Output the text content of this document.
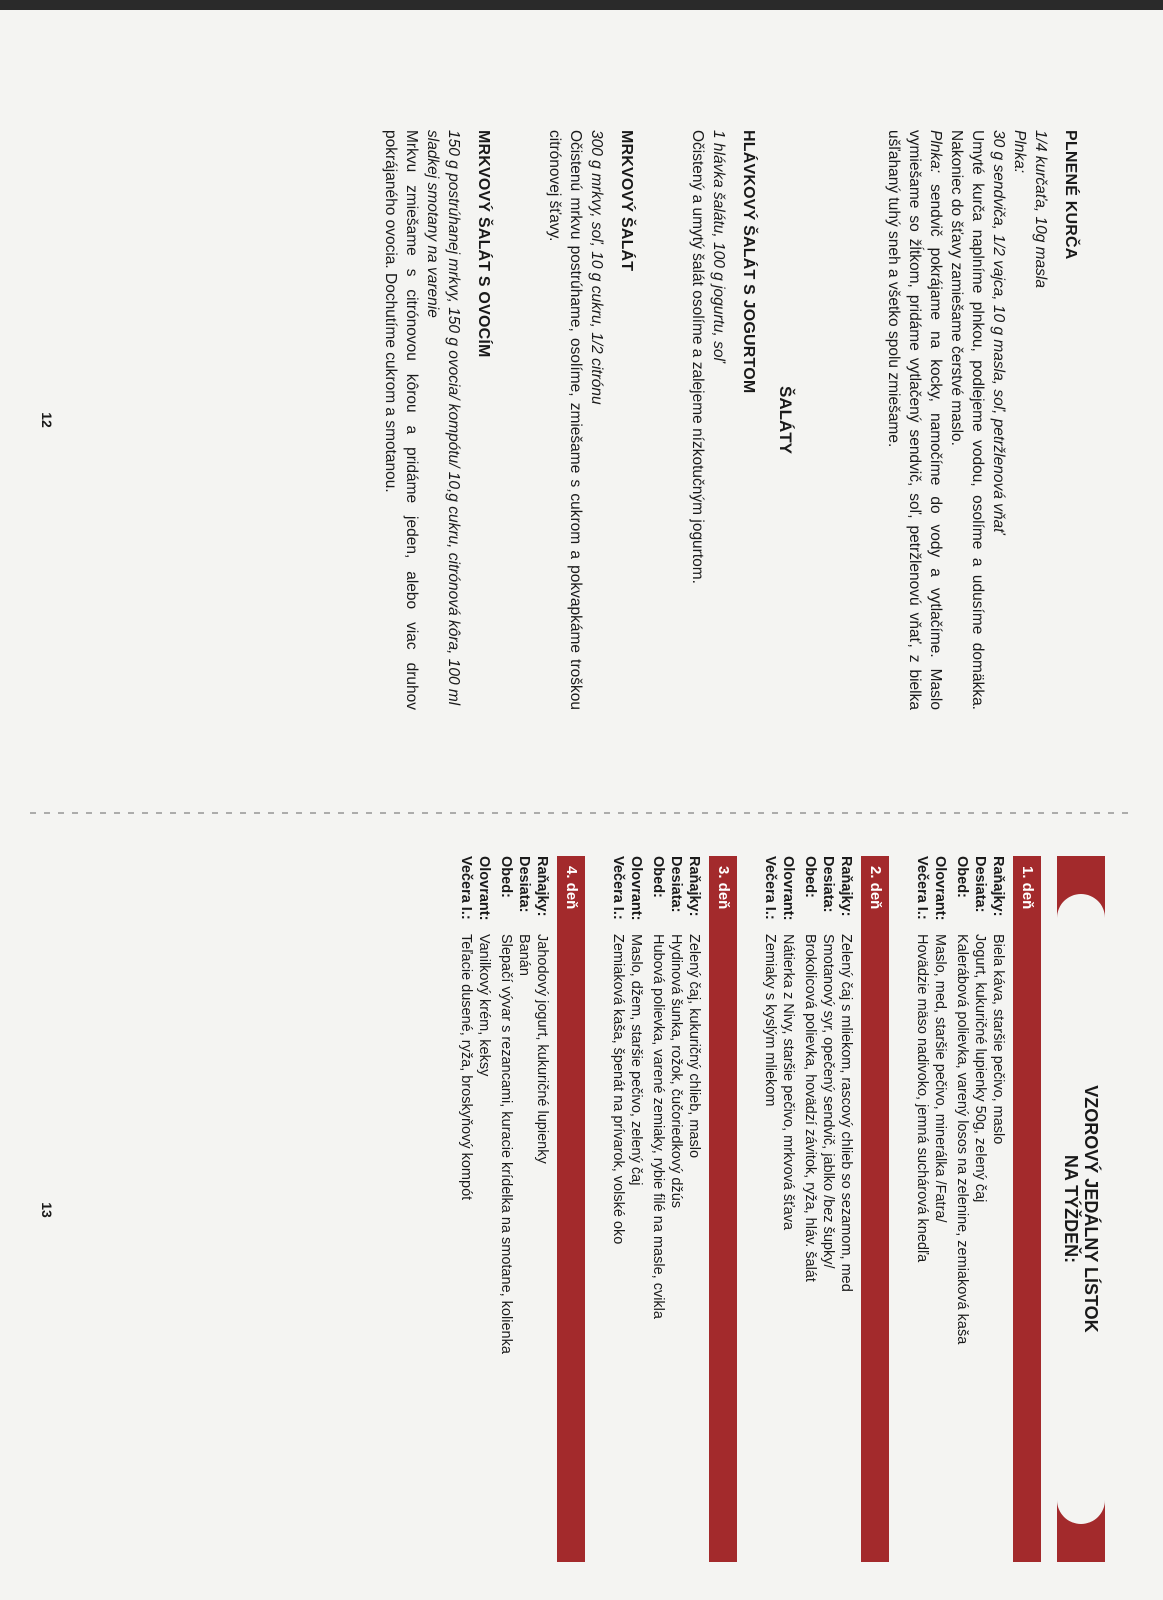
PLNENÉ KURČA
1/4 kurčaťa, 10g masla
Plnka:
30 g sendviča, 1/2 vajca, 10 g masla, soľ, petržlenová vňať
Umyté kurča naplníme plnkou, podlejeme vodou, osolíme a udusíme domäkka. Nakoniec do šťavy zamiešame čerstvé maslo.
Plnka: sendvič pokrájame na kocky, namočíme do vody a vytlačíme. Maslo vymiešame so žĺtkom, pridáme vytlačený sendvič, soľ, petržlenovú vňať, z bielka ušľahaný tuhý sneh a všetko spolu zmiešame.
ŠALÁTY
HLÁVKOVÝ ŠALÁT S JOGURTOM
1 hlávka šalátu, 100 g jogurtu, soľ
Očistený a umytý šalát osolíme a zalejeme nízkotučným jogurtom.
MRKVOVÝ ŠALÁT
300 g mrkvy, soľ, 10 g cukru, 1/2 citrónu
Očistenú mrkvu postrúhame, osolíme, zmiešame s cukrom a pokvapkáme troškou citrónovej šťavy.
MRKVOVÝ ŠALÁT S OVOCÍM
150 g postrúhanej mrkvy, 150 g ovocia/ kompótu/ 10,g cukru, citrónová kôra, 100 ml sladkej smotany na varenie
Mrkvu zmiešame s citrónovou kôrou a pridáme jeden, alebo viac druhov pokrájaného ovocia. Dochutíme cukrom a smotanou.
12
VZOROVÝ JEDÁLNY LÍSTOK
NA TÝŽDEŇ:
1. deň
Raňajky:
Biela káva, staršie pečivo, maslo
Desiata:
Jogurt, kukuričné lupienky 50g, zelený čaj
Obed:
Kalerábová polievka, varený losos na zelenine, zemiaková kaša
Olovrant:
Maslo, med, staršie pečivo, minerálka /Fatra/
Večera I.:
Hovädzie mäso nadivoko, jemná suchárová knedľa
2. deň
Raňajky:
Zelený čaj s mliekom, rascový chlieb so sezamom, med
Desiata:
Smotanový syr, opečený sendvič, jablko /bez šupky/
Obed:
Brokolicová polievka, hovädzí závitok, ryža, hláv. šalát
Olovrant:
Nátierka z Nivy, staršie pečivo, mrkvová šťava
Večera I.:
Zemiaky s kyslým mliekom
3. deň
Raňajky:
Zelený čaj, kukuričný chlieb, maslo
Desiata:
Hydinová šunka, rožok, čučoriedkový džús
Obed:
Hubová polievka, varené zemiaky, rybie filé na masle, cvikla
Olovrant:
Maslo, džem, staršie pečivo, zelený čaj
Večera I.:
Zemiaková kaša, špenát na prívarok, volské oko
4. deň
Raňajky:
Jahodový jogurt, kukuričné lupienky
Desiata:
Banán
Obed:
Slepačí vývar s rezancami, kuracie krídelka na smotane, kolienka
Olovrant:
Vanilkový krém, keksy
Večera I.:
Teľacie dusené, ryža, broskyňový kompót
13
